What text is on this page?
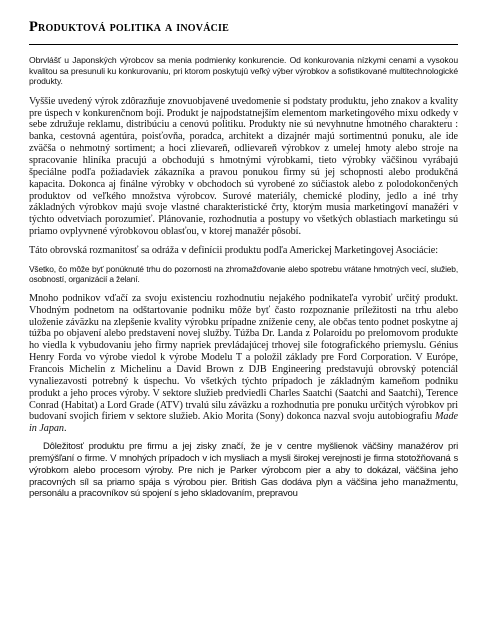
Produktová politika a inovácie
Obrvlášť u Japonských výrobcov sa menia podmienky konkurencie. Od konkurovania nízkymi cenami a vysokou kvalitou sa presunuli ku konkurovaniu, pri ktorom poskytujú veľký výber výrobkov a sofistikované multitechnologické produkty.
Vyššie uvedený výrok zdôrazňuje znovuobjavené uvedomenie si podstaty produktu, jeho znakov a kvality pre úspech v konkurenčnom boji. Produkt je najpodstatnejším elementom marketingového mixu odkedy v sebe združuje reklamu, distribúciu a cenovú politiku. Produkty nie sú nevyhnutne hmotného charakteru : banka, cestovná agentúra, poisťovňa, poradca, architekt a dizajnér majú sortimentnú ponuku, ale ide zväčša o nehmotný sortiment; a hoci zlievareň, odlievareň výrobkov z umelej hmoty alebo stroje na spracovanie hliníka pracujú a obchodujú s hmotnými výrobkami, tieto výrobky väčšinou vyrábajú špeciálne podľa požiadaviek zákazníka a pravou ponukou firmy sú jej schopnosti alebo produkčná kapacita. Dokonca aj finálne výrobky v obchodoch sú vyrobené zo súčiastok alebo z polodokončených produktov od veľkého množstva výrobcov. Surové materiály, chemické plodiny, jedlo a iné trhy základných výrobkov majú svoje vlastné charakteristické črty, ktorým musia marketingoví manažéri v týchto odvetviach porozumieť. Plánovanie, rozhodnutia a postupy vo všetkých oblastiach marketingu sú priamo ovplyvnené výrobkovou oblasťou, v ktorej manažér pôsobí.
Táto obrovská rozmanitosť sa odráža v definícii produktu podľa Americkej Marketingovej Asociácie:
Všetko, čo môže byť ponúknuté trhu do pozornosti na zhromažďovanie alebo spotrebu vrátane hmotných vecí, služieb, osobností, organizácií a želaní.
Mnoho podnikov vďačí za svoju existenciu rozhodnutiu nejakého podnikateľa vyrobiť určitý produkt. Vhodným podnetom na odštartovanie podniku môže byť často rozpoznanie príležitosti na trhu alebo uloženie záväzku na zlepšenie kvality výrobku prípadne zníženie ceny, ale občas tento podnet poskytne aj túžba po objavení alebo predstavení novej služby. Túžba Dr. Landa z Polaroidu po prelomovom produkte ho viedla k vybudovaniu jeho firmy napriek prevládajúcej trhovej sile fotografického priemyslu. Génius Henry Forda vo výrobe viedol k výrobe Modelu T a položil základy pre Ford Corporation. V Európe, Francois Michelin z Michelinu a David Brown z DJB Engineering predstavujú obrovský potenciál vynaliezavosti potrebný k úspechu. Vo všetkých týchto prípadoch je základným kameňom podniku produkt a jeho proces výroby. V sektore služieb predviedli Charles Saatchi (Saatchi and Saatchi), Terence Conrad (Habitat) a Lord Grade (ATV) trvalú silu záväzku a rozhodnutia pre ponuku určitých výrobkov pri budovaní svojich firiem v sektore služieb. Akio Morita (Sony) dokonca nazval svoju autobiografiu Made in Japan.
Dôležitosť produktu pre firmu a jej zisky značí, že je v centre myšlienok väčšiny manažérov pri premýšľaní o firme. V mnohých prípadoch v ich mysliach a mysli širokej verejnosti je firma stotožňovaná s výrobkom alebo procesom výroby. Pre nich je Parker výrobcom pier a aby to dokázal, väčšina jeho pracovných síl sa priamo spája s výrobou pier. British Gas dodáva plyn a väčšina jeho manažmentu, personálu a pracovníkov sú spojení s jeho skladovaním, prepravou
